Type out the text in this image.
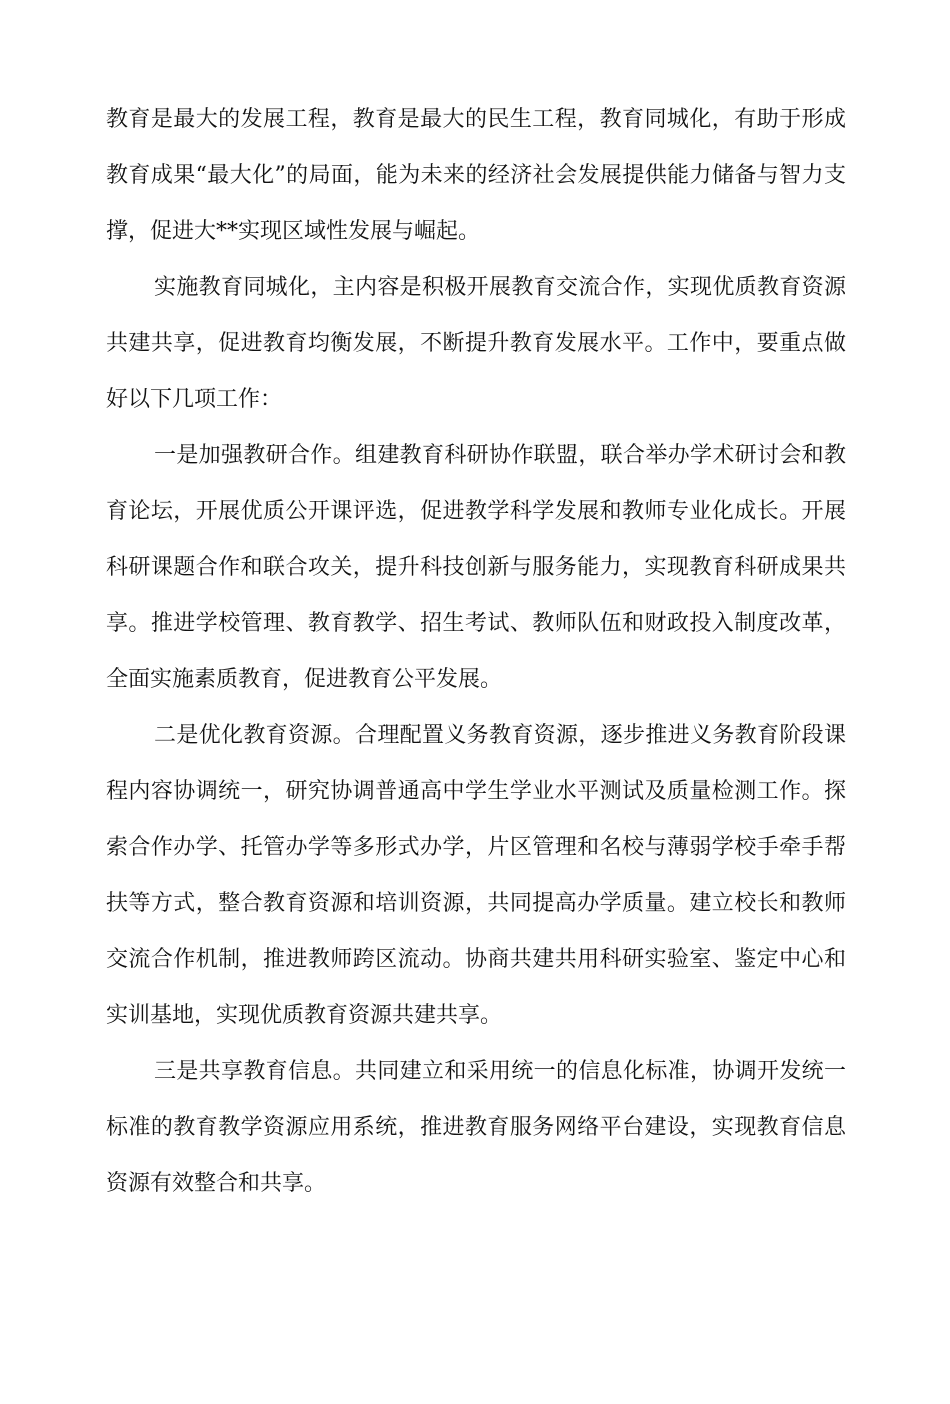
教育是最大的发展工程，教育是最大的民生工程，教育同城化，有助于形成教育成果“最大化”的局面，能为未来的经济社会发展提供能力储备与智力支撑，促进大**实现区域性发展与崛起。

实施教育同城化，主内容是积极开展教育交流合作，实现优质教育资源共建共享，促进教育均衡发展，不断提升教育发展水平。工作中，要重点做好以下几项工作：

一是加强教研合作。组建教育科研协作联盟，联合举办学术研讨会和教育论坛，开展优质公开课评选，促进教学科学发展和教师专业化成长。开展科研课题合作和联合攻关，提升科技创新与服务能力，实现教育科研成果共享。推进学校管理、教育教学、招生考试、教师队伍和财政投入制度改革，全面实施素质教育，促进教育公平发展。

二是优化教育资源。合理配置义务教育资源，逐步推进义务教育阶段课程内容协调统一，研究协调普通高中学生学业水平测试及质量检测工作。探索合作办学、托管办学等多形式办学，片区管理和名校与薄弱学校手牵手帮扶等方式，整合教育资源和培训资源，共同提高办学质量。建立校长和教师交流合作机制，推进教师跨区流动。协商共建共用科研实验室、鉴定中心和实训基地，实现优质教育资源共建共享。

三是共享教育信息。共同建立和采用统一的信息化标准，协调开发统一标准的教育教学资源应用系统，推进教育服务网络平台建设，实现教育信息资源有效整合和共享。
